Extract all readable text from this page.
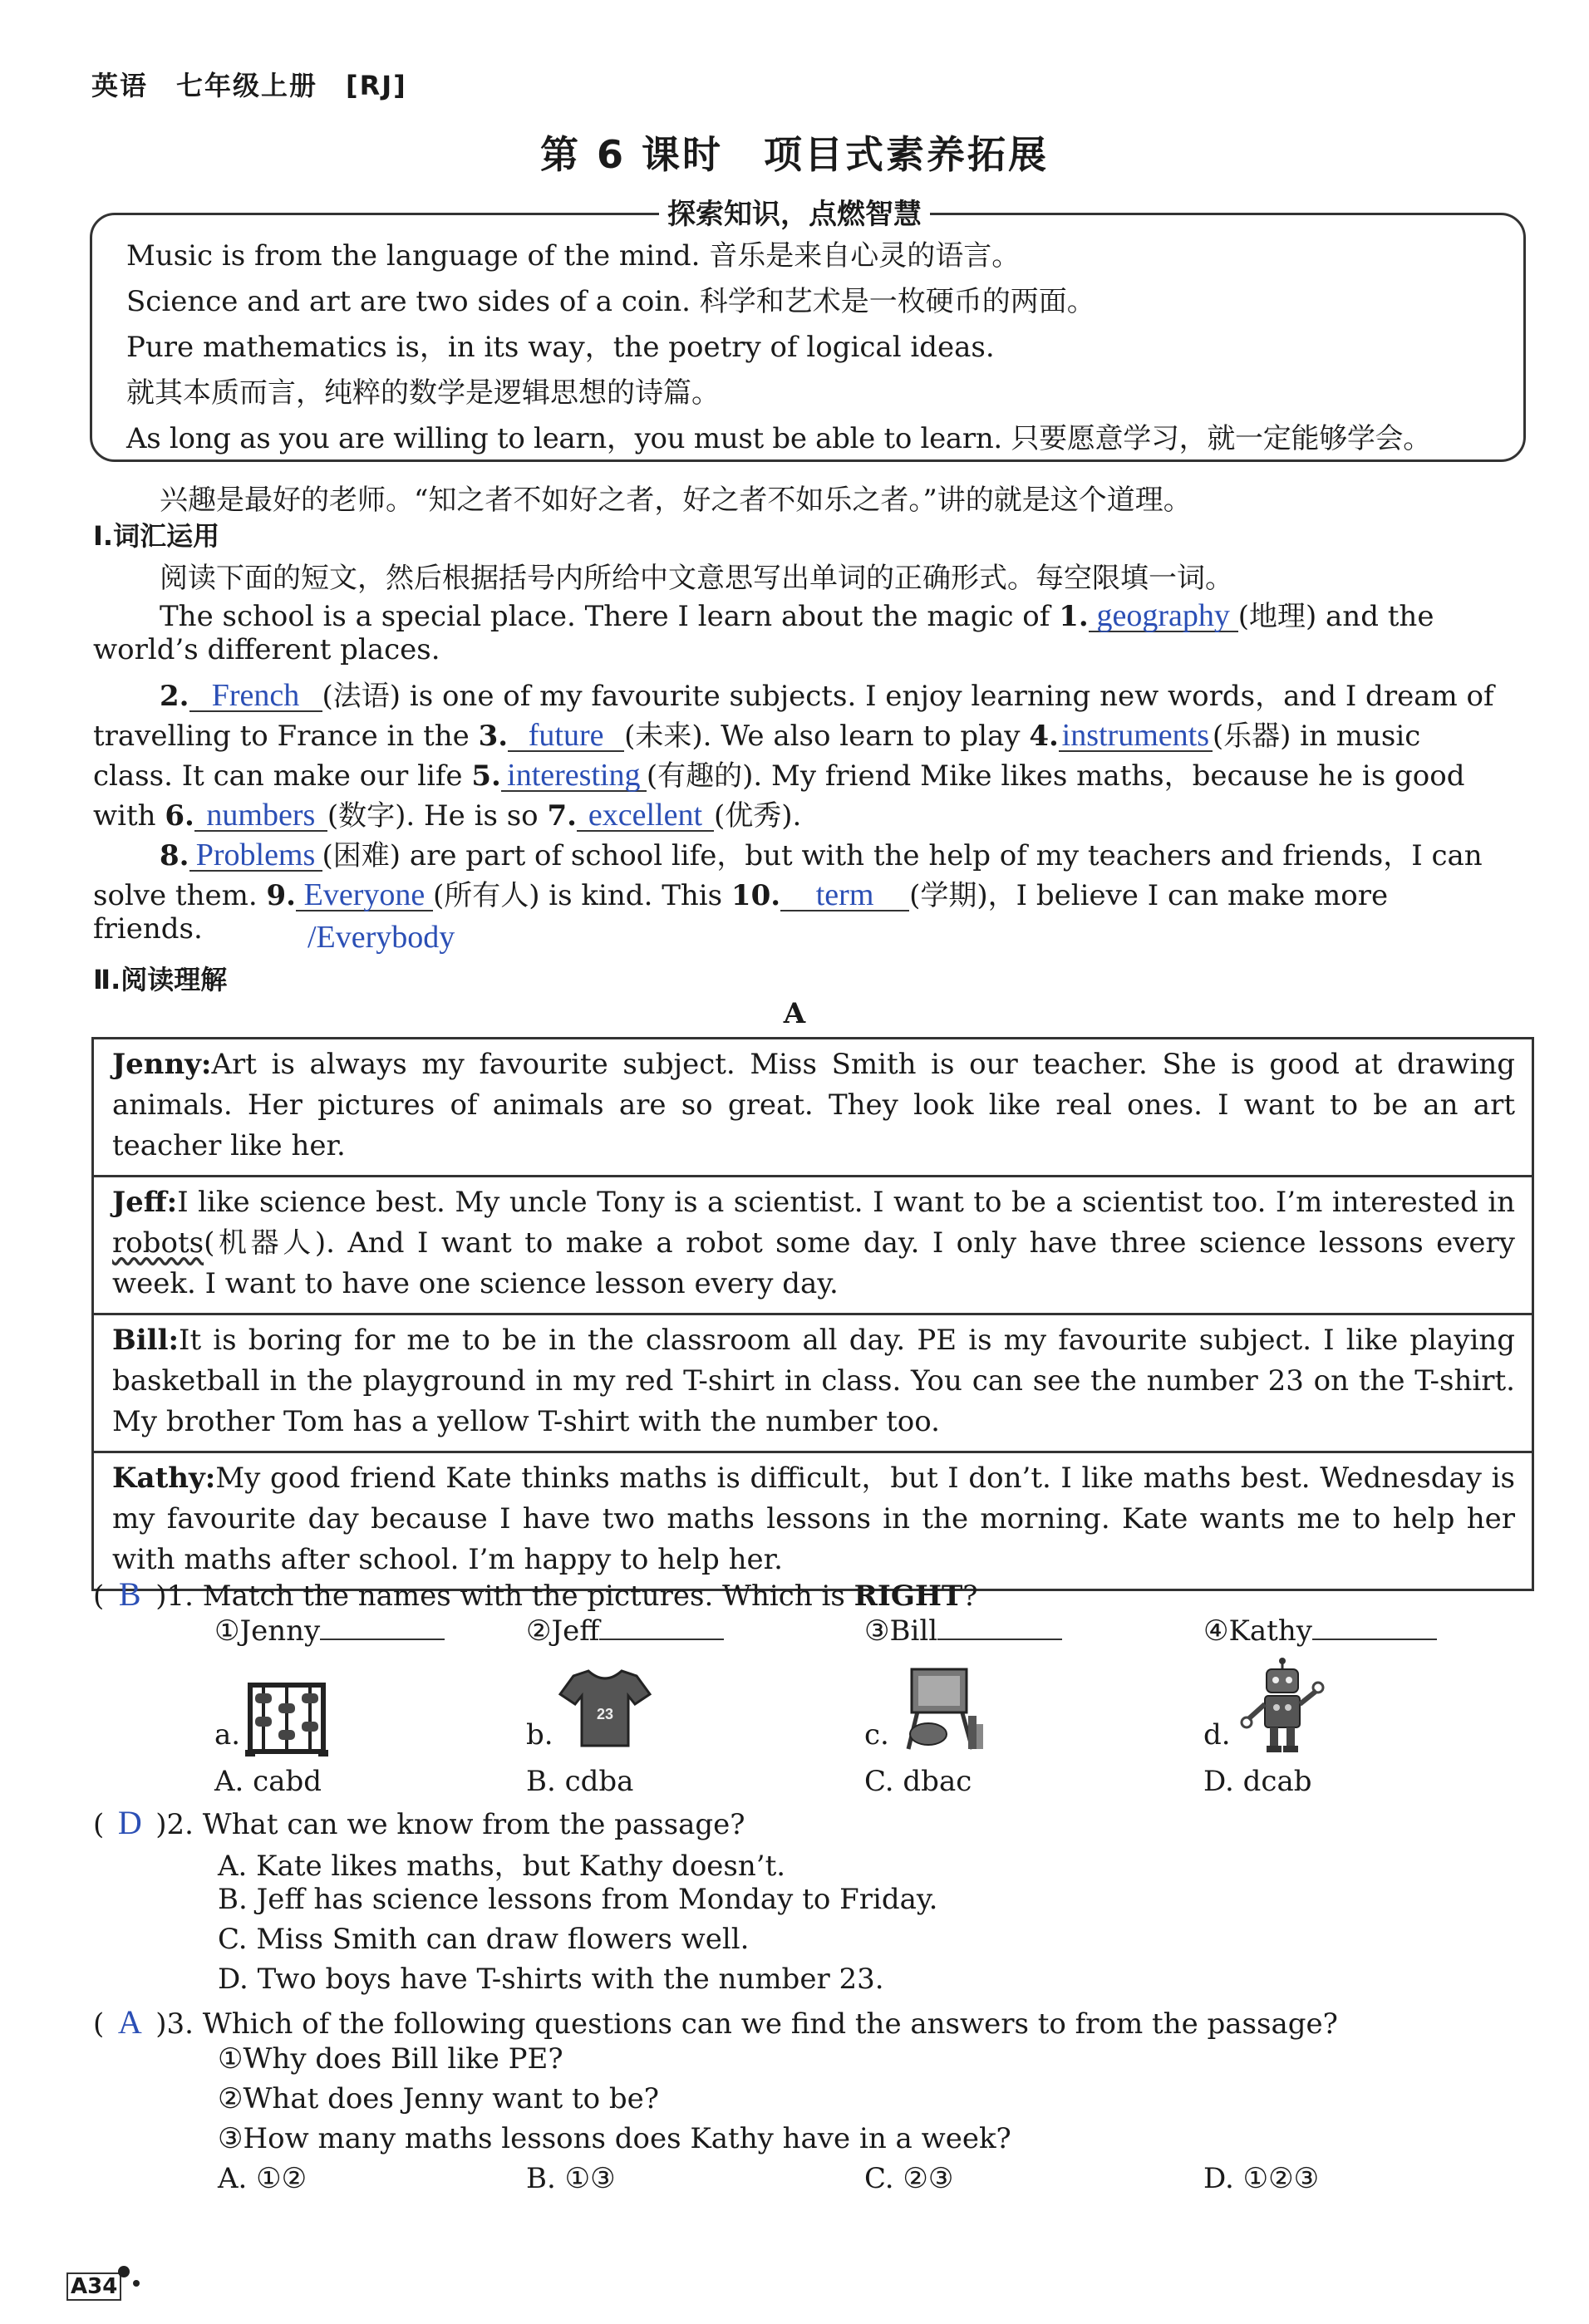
英语　七年级上册　[RJ]
第 6 课时　项目式素养拓展
探索知识，点燃智慧
Music is from the language of the mind. 音乐是来自心灵的语言。
Science and art are two sides of a coin. 科学和艺术是一枚硬币的两面。
Pure mathematics is，in its way，the poetry of logical ideas.
就其本质而言，纯粹的数学是逻辑思想的诗篇。
As long as you are willing to learn，you must be able to learn. 只要愿意学习，就一定能够学会。
兴趣是最好的老师。“知之者不如好之者，好之者不如乐之者。”讲的就是这个道理。
Ⅰ.词汇运用
阅读下面的短文，然后根据括号内所给中文意思写出单词的正确形式。每空限填一词。
The school is a special place. There I learn about the magic of 1. geography (地理) and the
world’s different places.
2. French (法语) is one of my favourite subjects. I enjoy learning new words，and I dream of
travelling to France in the 3. future (未来). We also learn to play 4. instruments (乐器) in music
class. It can make our life 5. interesting (有趣的). My friend Mike likes maths，because he is good
with 6. numbers (数字). He is so 7. excellent (优秀).
8. Problems (困难) are part of school life，but with the help of my teachers and friends，I can
solve them. 9. Everyone (所有人) is kind. This 10. term (学期)，I believe I can make more
friends.	/Everybody
Ⅱ.阅读理解
A
Jenny:Art is always my favourite subject. Miss Smith is our teacher. She is good at drawing animals. Her pictures of animals are so great. They look like real ones. I want to be an art teacher like her.
Jeff:I like science best. My uncle Tony is a scientist. I want to be a scientist too. I’m interested in robots(机器人). And I want to make a robot some day. I only have three science lessons every week. I want to have one science lesson every day.
Bill:It is boring for me to be in the classroom all day. PE is my favourite subject. I like playing basketball in the playground in my red T-shirt in class. You can see the number 23 on the T-shirt. My brother Tom has a yellow T-shirt with the number too.
Kathy:My good friend Kate thinks maths is difficult，but I don’t. I like maths best. Wednesday is my favourite day because I have two maths lessons in the morning. Kate wants me to help her with maths after school. I’m happy to help her.
( B )1. Match the names with the pictures. Which is RIGHT?
①Jenny	②Jeff	③Bill	④Kathy
a.	b.
23
c.	d.
A. cabd	B. cdba	C. dbac	D. dcab
( D )2. What can we know from the passage?
A. Kate likes maths，but Kathy doesn’t.
B. Jeff has science lessons from Monday to Friday.
C. Miss Smith can draw flowers well.
D. Two boys have T-shirts with the number 23.
( A )3. Which of the following questions can we find the answers to from the passage?
①Why does Bill like PE?
②What does Jenny want to be?
③How many maths lessons does Kathy have in a week?
A. ①②	B. ①③	C. ②③	D. ①②③
A34
